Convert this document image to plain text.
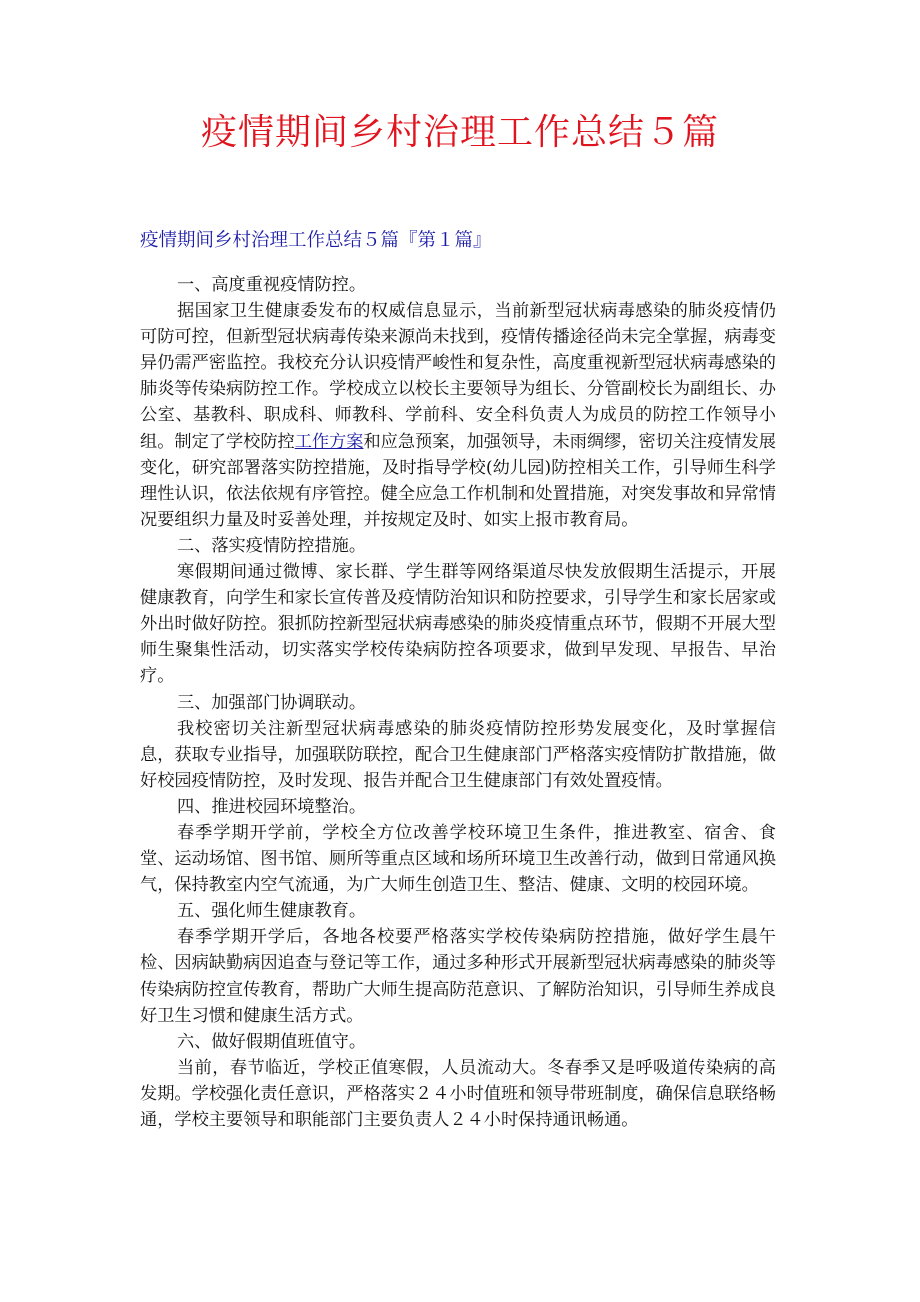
疫情期间乡村治理工作总结５篇
疫情期间乡村治理工作总结５篇『第１篇』

一、高度重视疫情防控。

据国家卫生健康委发布的权威信息显示，当前新型冠状病毒感染的肺炎疫情仍可防可控，但新型冠状病毒传染来源尚未找到，疫情传播途径尚未完全掌握，病毒变异仍需严密监控。我校充分认识疫情严峻性和复杂性，高度重视新型冠状病毒感染的肺炎等传染病防控工作。学校成立以校长主要领导为组长、分管副校长为副组长、办公室、基教科、职成科、师教科、学前科、安全科负责人为成员的防控工作领导小组。制定了学校防控工作方案和应急预案，加强领导，未雨绸缪，密切关注疫情发展变化，研究部署落实防控措施，及时指导学校(幼儿园)防控相关工作，引导师生科学理性认识，依法依规有序管控。健全应急工作机制和处置措施，对突发事故和异常情况要组织力量及时妥善处理，并按规定及时、如实上报市教育局。

二、落实疫情防控措施。

寒假期间通过微博、家长群、学生群等网络渠道尽快发放假期生活提示，开展健康教育，向学生和家长宣传普及疫情防治知识和防控要求，引导学生和家长居家或外出时做好防控。狠抓防控新型冠状病毒感染的肺炎疫情重点环节，假期不开展大型师生聚集性活动，切实落实学校传染病防控各项要求，做到早发现、早报告、早治疗。

三、加强部门协调联动。

我校密切关注新型冠状病毒感染的肺炎疫情防控形势发展变化，及时掌握信息，获取专业指导，加强联防联控，配合卫生健康部门严格落实疫情防扩散措施，做好校园疫情防控，及时发现、报告并配合卫生健康部门有效处置疫情。

四、推进校园环境整治。

春季学期开学前，学校全方位改善学校环境卫生条件，推进教室、宿舍、食堂、运动场馆、图书馆、厕所等重点区域和场所环境卫生改善行动，做到日常通风换气，保持教室内空气流通，为广大师生创造卫生、整洁、健康、文明的校园环境。

五、强化师生健康教育。

春季学期开学后，各地各校要严格落实学校传染病防控措施，做好学生晨午检、因病缺勤病因追查与登记等工作，通过多种形式开展新型冠状病毒感染的肺炎等传染病防控宣传教育，帮助广大师生提高防范意识、了解防治知识，引导师生养成良好卫生习惯和健康生活方式。

六、做好假期值班值守。

当前，春节临近，学校正值寒假，人员流动大。冬春季又是呼吸道传染病的高发期。学校强化责任意识，严格落实２４小时值班和领导带班制度，确保信息联络畅通，学校主要领导和职能部门主要负责人２４小时保持通讯畅通。
